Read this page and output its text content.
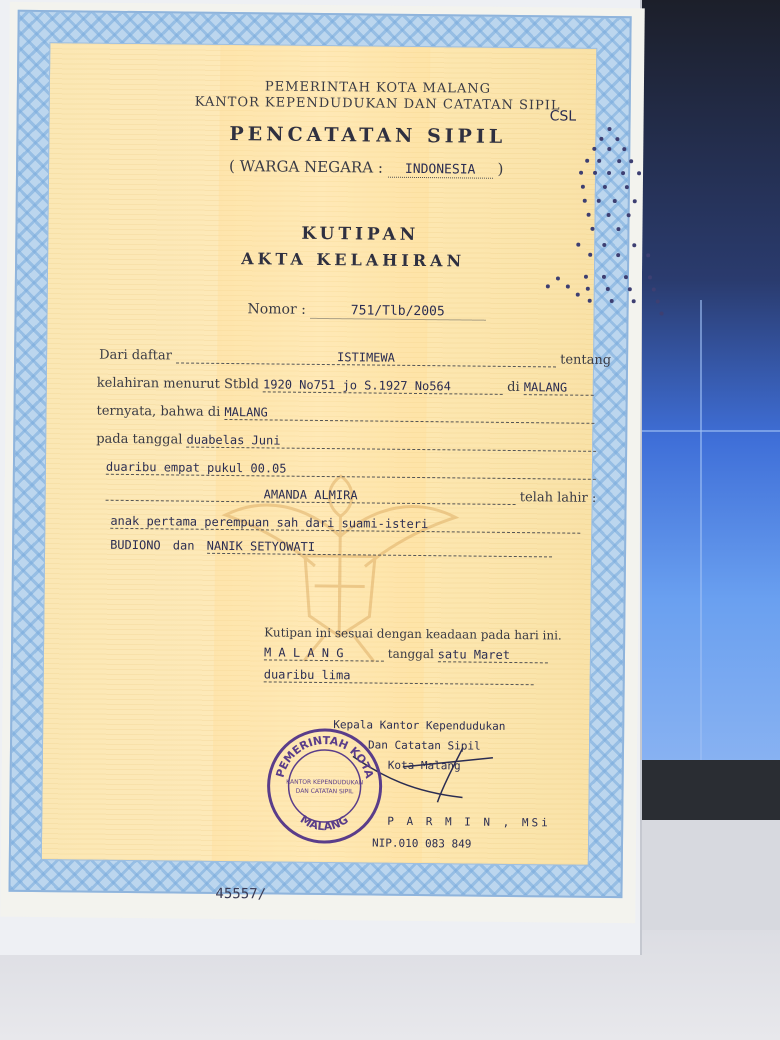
PEMERINTAH KOTA MALANG
KANTOR KEPENDUDUKAN DAN CATATAN SIPIL
PENCATATAN SIPIL
( WARGA NEGARA : INDONESIA )
CSL
KUTIPAN
AKTA KELAHIRAN
Nomor :	751/Tlb/2005
Dari daftar	ISTIMEWA	tentang
kelahiran menurut Stbld 1920 No751 jo S.1927 No564	di MALANG
ternyata, bahwa di MALANG
pada tanggal duabelas Juni
duaribu empat pukul 00.05
AMANDA ALMIRA	telah lahir :
anak pertama perempuan sah dari suami-isteri
BUDIONO dan NANIK SETYOWATI
Kutipan ini sesuai dengan keadaan pada hari ini.
M A L A N G	tanggal satu Maret
duaribu lima
Kepala Kantor Kependudukan
Dan Catatan Sipil
Kota Malang
P A R M I N , MSi
NIP.010 083 849
PEMERINTAH KOTA
KANTOR KEPENDUDUKAN
DAN CATATAN SIPIL
MALANG
45557/
